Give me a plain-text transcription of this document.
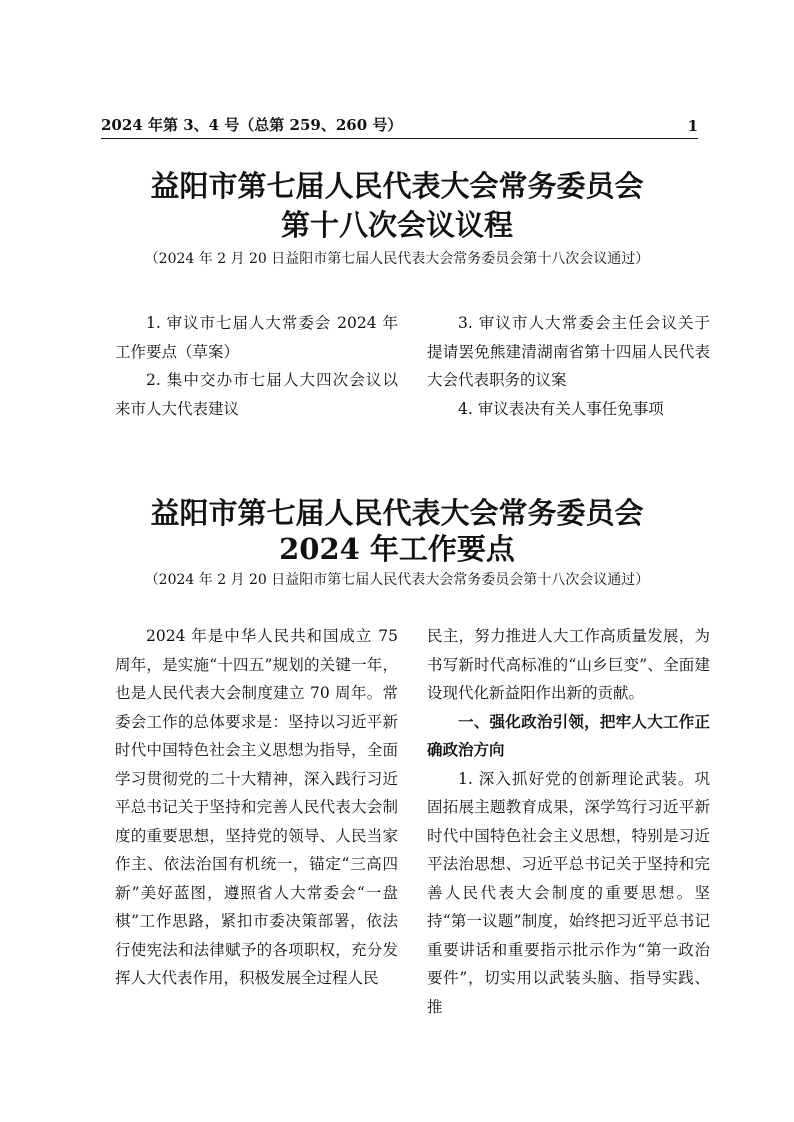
2024 年第 3、4 号（总第 259、260 号）	1
益阳市第七届人民代表大会常务委员会
第十八次会议议程
（2024 年 2 月 20 日益阳市第七届人民代表大会常务委员会第十八次会议通过）

1. 审议市七届人大常委会 2024 年工作要点（草案）

2. 集中交办市七届人大四次会议以来市人大代表建议

3. 审议市人大常委会主任会议关于提请罢免熊建清湖南省第十四届人民代表大会代表职务的议案

4. 审议表决有关人事任免事项

益阳市第七届人民代表大会常务委员会
2024 年工作要点
（2024 年 2 月 20 日益阳市第七届人民代表大会常务委员会第十八次会议通过）

2024 年是中华人民共和国成立 75 周年，是实施“十四五”规划的关键一年，也是人民代表大会制度建立 70 周年。常委会工作的总体要求是：坚持以习近平新时代中国特色社会主义思想为指导，全面学习贯彻党的二十大精神，深入践行习近平总书记关于坚持和完善人民代表大会制度的重要思想，坚持党的领导、人民当家作主、依法治国有机统一，锚定“三高四新”美好蓝图，遵照省人大常委会“一盘棋”工作思路，紧扣市委决策部署，依法行使宪法和法律赋予的各项职权，充分发挥人大代表作用，积极发展全过程人民

民主，努力推进人大工作高质量发展，为书写新时代高标准的“山乡巨变”、全面建设现代化新益阳作出新的贡献。

一、强化政治引领，把牢人大工作正确政治方向

1. 深入抓好党的创新理论武装。巩固拓展主题教育成果，深学笃行习近平新时代中国特色社会主义思想，特别是习近平法治思想、习近平总书记关于坚持和完善人民代表大会制度的重要思想。坚持“第一议题”制度，始终把习近平总书记重要讲话和重要指示批示作为“第一政治要件”，切实用以武装头脑、指导实践、推
